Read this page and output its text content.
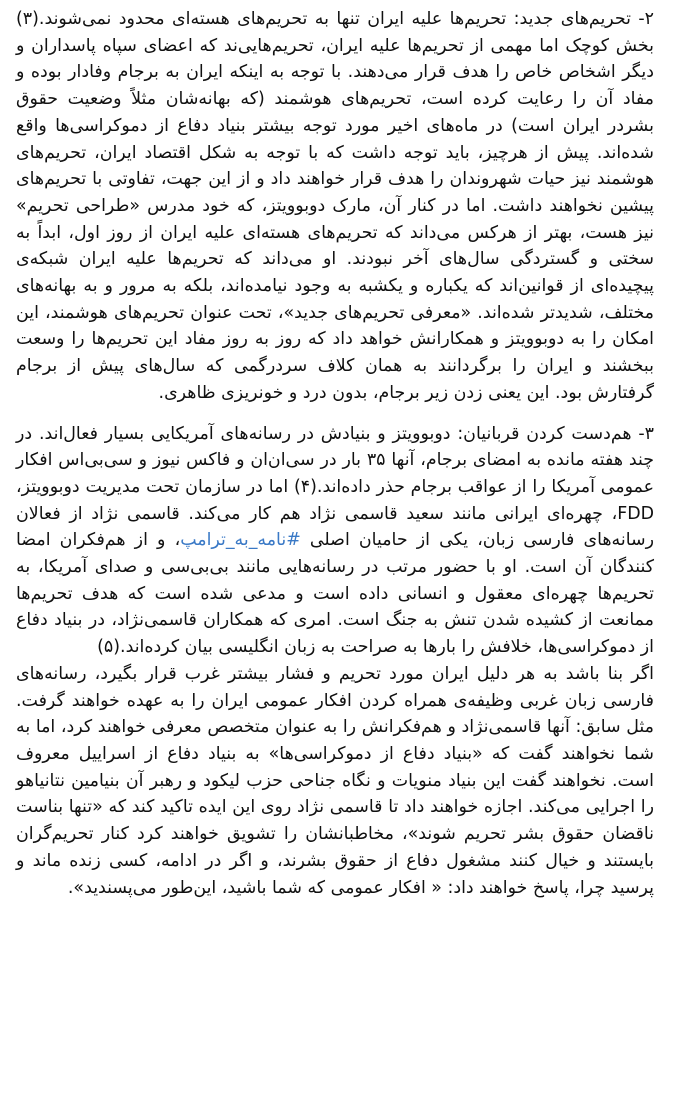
۲- تحریم‌های جدید: تحریم‌ها علیه ایران تنها به تحریم‌های هسته‌ای محدود نمی‌شوند.(۳) بخش کوچک اما مهمی از تحریم‌ها علیه ایران، تحریم‌هایی‌ند که اعضای سپاه پاسداران و دیگر اشخاص خاص را هدف قرار می‌دهند. با توجه به اینکه ایران به برجام وفادار بوده و مفاد آن را رعایت کرده است، تحریم‌های هوشمند (که بهانه‌شان مثلاً وضعیت حقوق بشردر ایران است) در ماه‌های اخیر مورد توجه بیشتر بنیاد دفاع از دموکراسی‌ها واقع شده‌اند. پیش از هرچیز، باید توجه داشت که با توجه به شکل اقتصاد ایران، تحریم‌های هوشمند نیز حیات شهروندان را هدف قرار خواهند داد و از این جهت، تفاوتی با تحریم‌های پیشین نخواهند داشت. اما در کنار آن، مارک دوبوویتز، که خود مدرس «طراحی تحریم» نیز هست، بهتر از هرکس می‌داند که تحریم‌های هسته‌ای علیه ایران از روز اول، ابداً به سختی و گستردگی سال‌های آخر نبودند. او می‌داند که تحریم‌ها علیه ایران شبکه‌ی پیچیده‌ای از قوانین‌اند که یکباره و یکشبه به وجود نیامده‌اند، بلکه به مرور و به بهانه‌های مختلف، شدیدتر شده‌اند. «معرفی تحریم‌های جدید»، تحت عنوان تحریم‌های هوشمند، این امکان را به دوبوویتز و همکارانش خواهد داد که روز به روز مفاد این تحریم‌ها را وسعت ببخشند و ایران را برگردانند به همان کلاف سردرگمی که سال‌های پیش از برجام گرفتارش بود. این یعنی زدن زیر برجام، بدون درد و خونریزی ظاهری.

۳- هم‌دست کردن قربانیان: دوبوویتز و بنیادش در رسانه‌های آمریکایی بسیار فعال‌اند. در چند هفته مانده به امضای برجام، آنها ۳۵ بار در سی‌ان‌ان و فاکس نیوز و سی‌بی‌اس افکار عمومی آمریکا را از عواقب برجام حذر داده‌اند.(۴) اما در سازمان تحت مدیریت دوبوویتز، FDD، چهره‌ای ایرانی مانند سعید قاسمی نژاد هم کار می‌کند. قاسمی نژاد از فعالان رسانه‌های فارسی زبان، یکی از حامیان اصلی #نامه_به_ترامپ، و از هم‌فکران امضا کنندگان آن است. او با حضور مرتب در رسانه‌هایی مانند بی‌بی‌سی و صدای آمریکا، به تحریم‌ها چهره‌ای معقول و انسانی داده است و مدعی شده است که هدف تحریم‌ها ممانعت از کشیده شدن تنش به جنگ است. امری که همکاران قاسمی‌نژاد، در بنیاد دفاع از دموکراسی‌ها، خلافش را بارها به صراحت به زبان انگلیسی بیان کرده‌اند.(۵)

اگر بنا باشد به هر دلیل ایران مورد تحریم و فشار بیشتر غرب قرار بگیرد، رسانه‌های فارسی زبان غربی وظیفه‌ی همراه کردن افکار عمومی ایران را به عهده خواهند گرفت. مثل سابق: آنها قاسمی‌نژاد و هم‌فکرانش را به عنوان متخصص معرفی خواهند کرد، اما به شما نخواهند گفت که «بنیاد دفاع از دموکراسی‌ها» به بنیاد دفاع از اسراییل معروف است. نخواهند گفت این بنیاد منویات و نگاه جناحی حزب لیکود و رهبر آن بنیامین نتانیاهو را اجرایی می‌کند. اجازه خواهند داد تا قاسمی نژاد روی این ایده تاکید کند که «تنها بناست ناقضان حقوق بشر تحریم شوند»، مخاطبانشان را تشویق خواهند کرد کنار تحریم‌گران بایستند و خیال کنند مشغول دفاع از حقوق بشرند، و اگر در ادامه، کسی زنده ماند و پرسید چرا، پاسخ خواهند داد: « افکار عمومی که شما باشید، این‌طور می‌پسندید».
